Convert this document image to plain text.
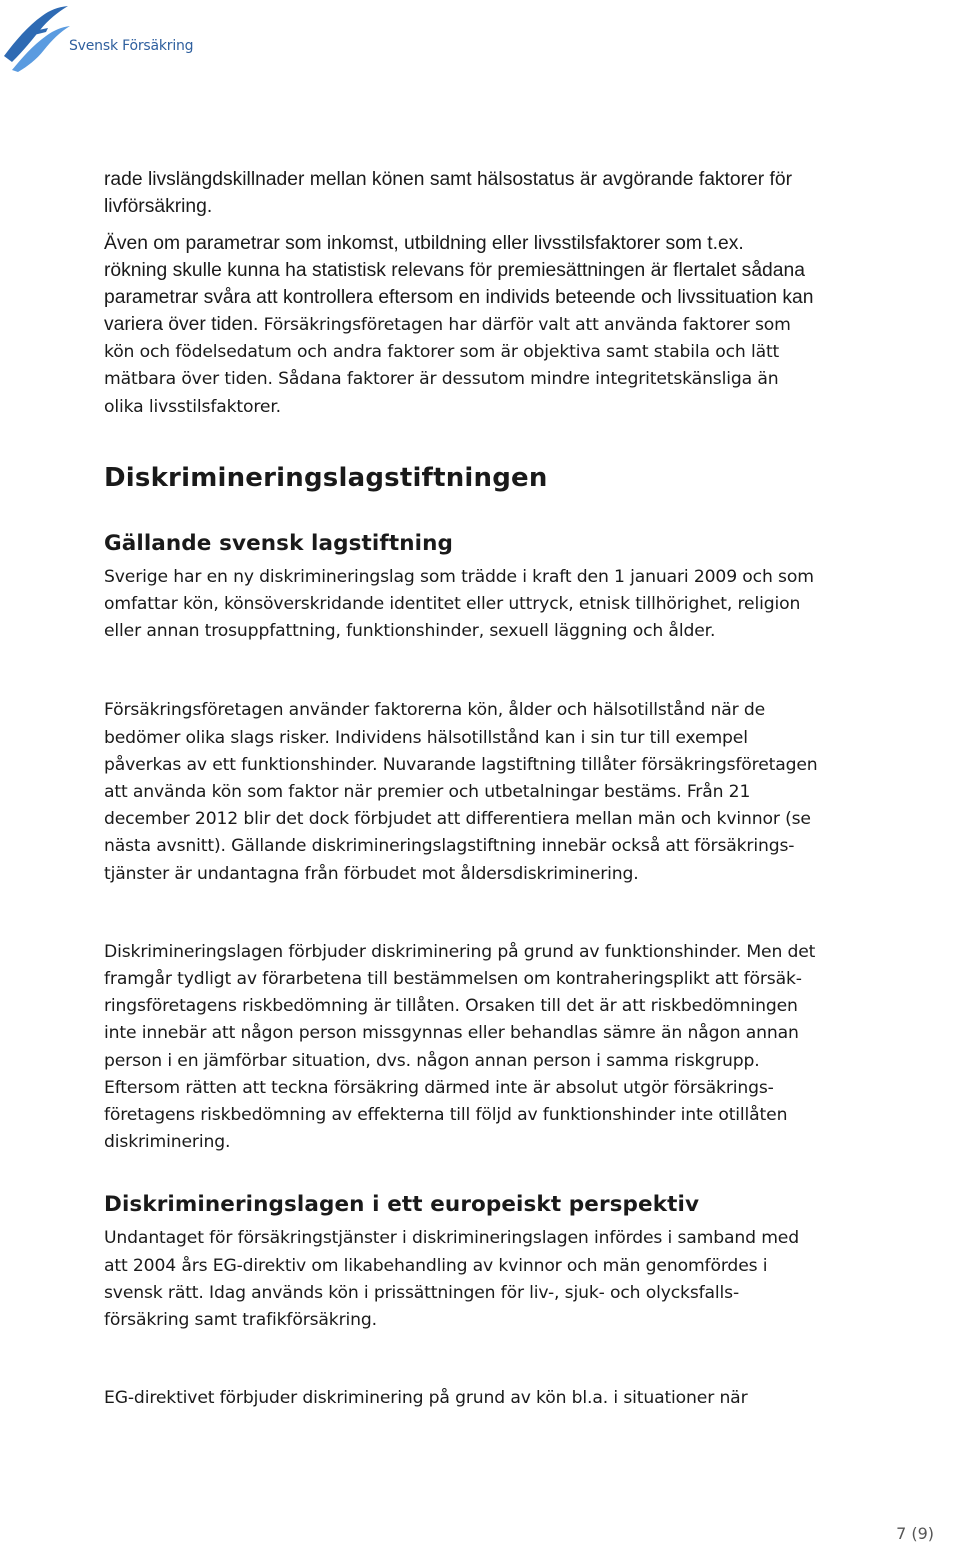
Svensk Försäkring

rade livslängdskillnader mellan könen samt hälsostatus är avgörande faktorer för
livförsäkring.

Även om parametrar som inkomst, utbildning eller livsstilsfaktorer som t.ex.
rökning skulle kunna ha statistisk relevans för premiesättningen är flertalet sådana
parametrar svåra att kontrollera eftersom en individs beteende och livssituation kan
variera över tiden. Försäkringsföretagen har därför valt att använda faktorer som

kön och födelsedatum och andra faktorer som är objektiva samt stabila och lätt
mätbara över tiden. Sådana faktorer är dessutom mindre integritetskänsliga än
olika livsstilsfaktorer.

Diskrimineringslagstiftningen
Gällande svensk lagstiftning

Sverige har en ny diskrimineringslag som trädde i kraft den 1 januari 2009 och som
omfattar kön, könsöverskridande identitet eller uttryck, etnisk tillhörighet, religion
eller annan trosuppfattning, funktionshinder, sexuell läggning och ålder.

Försäkringsföretagen använder faktorerna kön, ålder och hälsotillstånd när de
bedömer olika slags risker. Individens hälsotillstånd kan i sin tur till exempel
påverkas av ett funktionshinder. Nuvarande lagstiftning tillåter försäkringsföretagen
att använda kön som faktor när premier och utbetalningar bestäms. Från 21
december 2012 blir det dock förbjudet att differentiera mellan män och kvinnor (se
nästa avsnitt). Gällande diskrimineringslagstiftning innebär också att försäkrings-
tjänster är undantagna från förbudet mot åldersdiskriminering.

Diskrimineringslagen förbjuder diskriminering på grund av funktionshinder. Men det
framgår tydligt av förarbetena till bestämmelsen om kontraheringsplikt att försäk-
ringsföretagens riskbedömning är tillåten. Orsaken till det är att riskbedömningen
inte innebär att någon person missgynnas eller behandlas sämre än någon annan
person i en jämförbar situation, dvs. någon annan person i samma riskgrupp.
Eftersom rätten att teckna försäkring därmed inte är absolut utgör försäkrings-
företagens riskbedömning av effekterna till följd av funktionshinder inte otillåten
diskriminering.

Diskrimineringslagen i ett europeiskt perspektiv

Undantaget för försäkringstjänster i diskrimineringslagen infördes i samband med
att 2004 års EG-direktiv om likabehandling av kvinnor och män genomfördes i
svensk rätt. Idag används kön i prissättningen för liv-, sjuk- och olycksfalls-
försäkring samt trafikförsäkring.

EG-direktivet förbjuder diskriminering på grund av kön bl.a. i situationer när

7 (9)
